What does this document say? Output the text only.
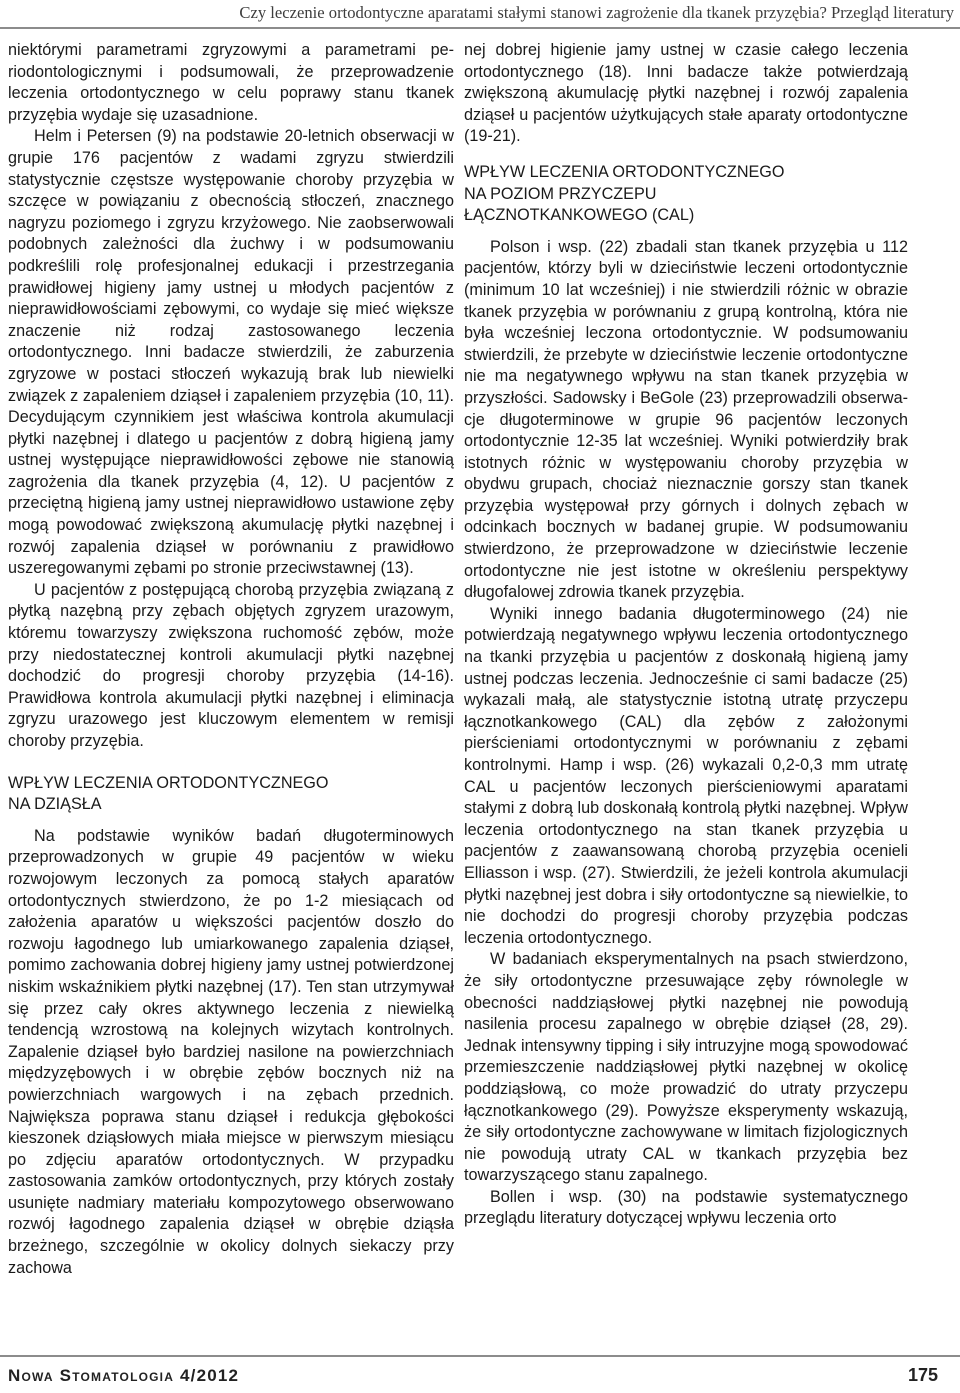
Czy leczenie ortodontyczne aparatami stałymi stanowi zagrożenie dla tkanek przyzębia? Przegląd literatury

niektórymi parametrami zgryzowymi a parametrami periodontologicznymi i podsumowali, że przeprowadzenie leczenia ortodontycznego w celu poprawy stanu tkanek przyzębia wydaje się uzasadnione.

Helm i Petersen (9) na podstawie 20-letnich obserwacji w grupie 176 pacjentów z wadami zgryzu stwierdzili statystycznie częstsze występowanie choroby przyzębia w szczęce w powiązaniu z obecnością stłoczeń, znacznego nagryzu poziomego i zgryzu krzyżowego. Nie zaobserwowali podobnych zależności dla żuchwy i w podsumowaniu podkreślili rolę profesjonalnej edukacji i przestrzegania prawidłowej higieny jamy ustnej u młodych pacjentów z nieprawidłowościami zębowymi, co wydaje się mieć większe znaczenie niż rodzaj zastosowanego leczenia ortodontycznego. Inni badacze stwierdzili, że zaburzenia zgryzowe w postaci stłoczeń wykazują brak lub niewielki związek z zapaleniem dziąseł i zapaleniem przyzębia (10, 11). Decydującym czynnikiem jest właściwa kontrola akumulacji płytki nazębnej i dlatego u pacjentów z dobrą higieną jamy ustnej występujące nieprawidłowości zębowe nie stanowią zagrożenia dla tkanek przyzębia (4, 12). U pacjentów z przeciętną higieną jamy ustnej nieprawidłowo ustawione zęby mogą powodować zwiększoną akumulację płytki nazębnej i rozwój zapalenia dziąseł w porównaniu z prawidłowo uszeregowanymi zębami po stronie przeciwstawnej (13).

U pacjentów z postępującą chorobą przyzębia związaną z płytką nazębną przy zębach objętych zgryzem urazowym, któremu towarzyszy zwiększona ruchomość zębów, może przy niedostatecznej kontroli akumulacji płytki nazębnej dochodzić do progresji choroby przyzębia (14-16). Prawidłowa kontrola akumulacji płytki nazębnej i eliminacja zgryzu urazowego jest kluczowym elementem w remisji choroby przyzębia.

WPŁYW LECZENIA ORTODONTYCZNEGO
NA DZIĄSŁA

Na podstawie wyników badań długoterminowych przeprowadzonych w grupie 49 pacjentów w wieku rozwojowym leczonych za pomocą stałych aparatów ortodontycznych stwierdzono, że po 1-2 miesiącach od założenia aparatów u większości pacjentów doszło do rozwoju łagodnego lub umiarkowanego zapalenia dziąseł, pomimo zachowania dobrej higieny jamy ustnej potwierdzonej niskim wskaźnikiem płytki nazębnej (17). Ten stan utrzymywał się przez cały okres aktywnego leczenia z niewielką tendencją wzrostową na kolejnych wizytach kontrolnych. Zapalenie dziąseł było bardziej nasilone na powierzchniach międzyzębowych i w obrębie zębów bocznych niż na powierzchniach wargowych i na zębach przednich. Największa poprawa stanu dziąseł i redukcja głębokości kieszonek dziąsłowych miała miejsce w pierwszym miesiącu po zdjęciu aparatów ortodontycznych. W przypadku zastosowania zamków ortodontycznych, przy których zostały usunięte nadmiary materiału kompozytowego obserwowano rozwój łagodnego zapalenia dziąseł w obrębie dziąsła brzeżnego, szczególnie w okolicy dolnych siekaczy przy zachowa

nej dobrej higienie jamy ustnej w czasie całego leczenia ortodontycznego (18). Inni badacze także potwierdzają zwiększoną akumulację płytki nazębnej i rozwój zapalenia dziąseł u pacjentów użytkujących stałe aparaty ortodontyczne (19-21).

WPŁYW LECZENIA ORTODONTYCZNEGO
NA POZIOM PRZYCZEPU
ŁĄCZNOTKANKOWEGO (CAL)

Polson i wsp. (22) zbadali stan tkanek przyzębia u 112 pacjentów, którzy byli w dzieciństwie leczeni ortodontycznie (minimum 10 lat wcześniej) i nie stwierdzili różnic w obrazie tkanek przyzębia w porównaniu z grupą kontrolną, która nie była wcześniej leczona ortodontycznie. W podsumowaniu stwierdzili, że przebyte w dzieciństwie leczenie ortodontyczne nie ma negatywnego wpływu na stan tkanek przyzębia w przyszłości. Sadowsky i BeGole (23) przeprowadzili obserwacje długoterminowe w grupie 96 pacjentów leczonych ortodontycznie 12-35 lat wcześniej. Wyniki potwierdziły brak istotnych różnic w występowaniu choroby przyzębia w obydwu grupach, chociaż nieznacznie gorszy stan tkanek przyzębia występował przy górnych i dolnych zębach w odcinkach bocznych w badanej grupie. W podsumowaniu stwierdzono, że przeprowadzone w dzieciństwie leczenie ortodontyczne nie jest istotne w określeniu perspektywy długofalowej zdrowia tkanek przyzębia.

Wyniki innego badania długoterminowego (24) nie potwierdzają negatywnego wpływu leczenia ortodontycznego na tkanki przyzębia u pacjentów z doskonałą higieną jamy ustnej podczas leczenia. Jednocześnie ci sami badacze (25) wykazali małą, ale statystycznie istotną utratę przyczepu łącznotkankowego (CAL) dla zębów z założonymi pierścieniami ortodontycznymi w porównaniu z zębami kontrolnymi. Hamp i wsp. (26) wykazali 0,2-0,3 mm utratę CAL u pacjentów leczonych pierścieniowymi aparatami stałymi z dobrą lub doskonałą kontrolą płytki nazębnej. Wpływ leczenia ortodontycznego na stan tkanek przyzębia u pacjentów z zaawansowaną chorobą przyzębia ocenieli Elliasson i wsp. (27). Stwierdzili, że jeżeli kontrola akumulacji płytki nazębnej jest dobra i siły ortodontyczne są niewielkie, to nie dochodzi do progresji choroby przyzębia podczas leczenia ortodontycznego.

W badaniach eksperymentalnych na psach stwierdzono, że siły ortodontyczne przesuwające zęby równolegle w obecności naddziąsłowej płytki nazębnej nie powodują nasilenia procesu zapalnego w obrębie dziąseł (28, 29). Jednak intensywny tipping i siły intruzyjne mogą spowodować przemieszczenie naddziąsłowej płytki nazębnej w okolicę poddziąsłową, co może prowadzić do utraty przyczepu łącznotkankowego (29). Powyższe eksperymenty wskazują, że siły ortodontyczne zachowywane w limitach fizjologicznych nie powodują utraty CAL w tkankach przyzębia bez towarzyszącego stanu zapalnego.

Bollen i wsp. (30) na podstawie systematycznego przeglądu literatury dotyczącej wpływu leczenia orto

Nowa Stomatologia 4/2012	175
